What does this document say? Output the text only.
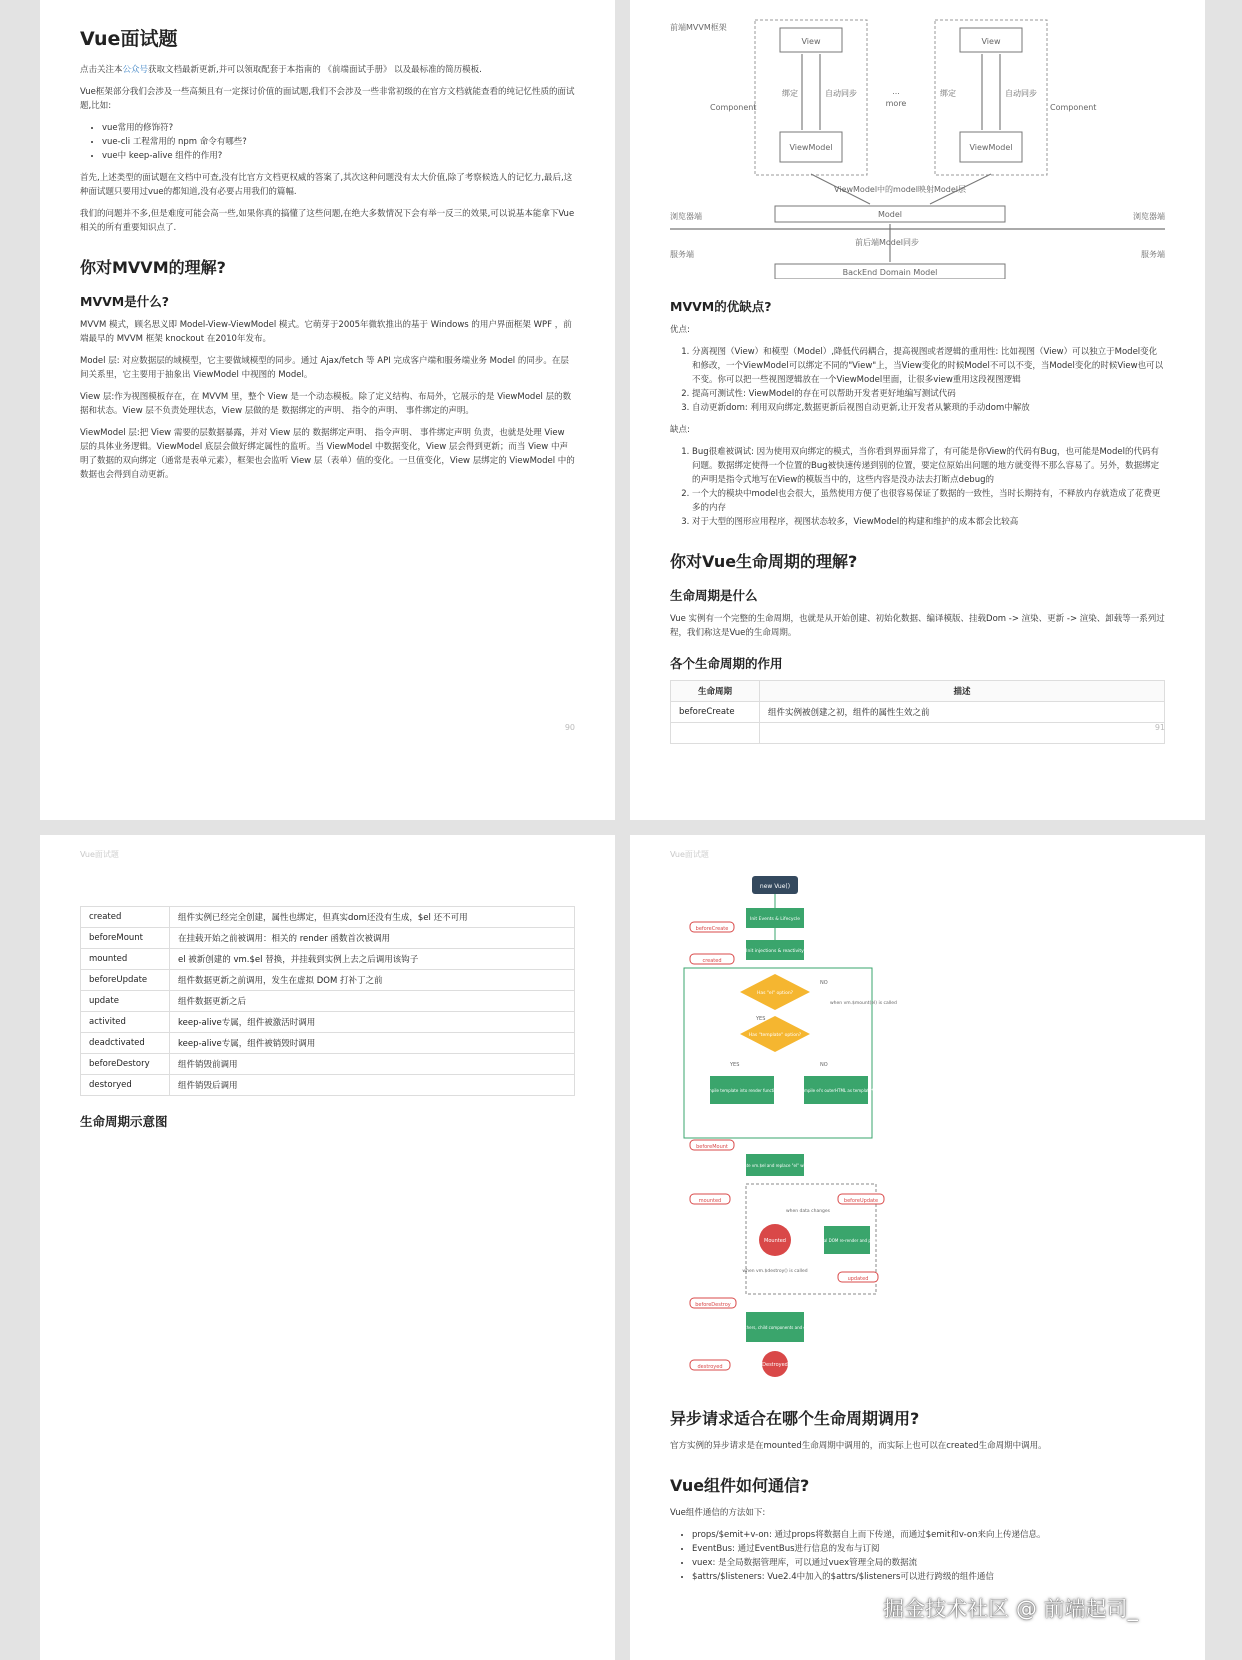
Vue面试题

点击关注本公众号获取文档最新更新,并可以领取配套于本指南的 《前端面试手册》 以及最标准的简历模板.

Vue框架部分我们会涉及一些高频且有一定探讨价值的面试题,我们不会涉及一些非常初级的在官方文档就能查看的纯记忆性质的面试题,比如:

• vue常用的修饰符?
• vue-cli 工程常用的 npm 命令有哪些?
• vue中 keep-alive 组件的作用?

首先,上述类型的面试题在文档中可查,没有比官方文档更权威的答案了,其次这种问题没有太大价值,除了考察候选人的记忆力,最后,这种面试题只要用过vue的都知道,没有必要占用我们的篇幅.

我们的问题并不多,但是难度可能会高一些,如果你真的搞懂了这些问题,在绝大多数情况下会有举一反三的效果,可以说基本能拿下Vue相关的所有重要知识点了.

你对MVVM的理解?
MVVM是什么?

MVVM 模式，顾名思义即 Model-View-ViewModel 模式。它萌芽于2005年微软推出的基于 Windows 的用户界面框架 WPF ，前端最早的 MVVM 框架 knockout 在2010年发布。

Model 层: 对应数据层的域模型，它主要做域模型的同步。通过 Ajax/fetch 等 API 完成客户端和服务端业务 Model 的同步。在层间关系里，它主要用于抽象出 ViewModel 中视图的 Model。

View 层:作为视图模板存在，在 MVVM 里，整个 View 是一个动态模板。除了定义结构、布局外，它展示的是 ViewModel 层的数据和状态。View 层不负责处理状态，View 层做的是 数据绑定的声明、 指令的声明、 事件绑定的声明。

ViewModel 层:把 View 需要的层数据暴露，并对 View 层的 数据绑定声明、 指令声明、 事件绑定声明 负责，也就是处理 View 层的具体业务逻辑。ViewModel 底层会做好绑定属性的监听。当 ViewModel 中数据变化，View 层会得到更新；而当 View 中声明了数据的双向绑定（通常是表单元素），框架也会监听 View 层（表单）值的变化。一旦值变化，View 层绑定的 ViewModel 中的数据也会得到自动更新。

90
前端MVVM框架
View
ViewModel
绑定	自动同步
Component
View
ViewModel
绑定	自动同步
Component
...
more
ViewModel中的model映射Model层
Model
浏览器端	浏览器端
服务端	服务端
前后端Model同步
BackEnd Domain Model
MVVM的优缺点?

优点:

1. 分离视图（View）和模型（Model）,降低代码耦合，提高视图或者逻辑的重用性: 比如视图（View）可以独立于Model变化和修改，一个ViewModel可以绑定不同的"View"上，当View变化的时候Model不可以不变，当Model变化的时候View也可以不变。你可以把一些视图逻辑放在一个ViewModel里面，让很多view重用这段视图逻辑
2. 提高可测试性: ViewModel的存在可以帮助开发者更好地编写测试代码
3. 自动更新dom: 利用双向绑定,数据更新后视图自动更新,让开发者从繁琐的手动dom中解放

缺点:

1. Bug很难被调试: 因为使用双向绑定的模式，当你看到界面异常了，有可能是你View的代码有Bug，也可能是Model的代码有问题。数据绑定使得一个位置的Bug被快速传递到别的位置，要定位原始出问题的地方就变得不那么容易了。另外，数据绑定的声明是指令式地写在View的模版当中的，这些内容是没办法去打断点debug的
2. 一个大的模块中model也会很大，虽然使用方便了也很容易保证了数据的一致性，当时长期持有，不释放内存就造成了花费更多的内存
3. 对于大型的图形应用程序，视图状态较多，ViewModel的构建和维护的成本都会比较高
你对Vue生命周期的理解?
生命周期是什么

Vue 实例有一个完整的生命周期，也就是从开始创建、初始化数据、编译模版、挂载Dom -> 渲染、更新 -> 渲染、卸载等一系列过程，我们称这是Vue的生命周期。

各个生命周期的作用
生命周期	描述
beforeCreate	组件实例被创建之初，组件的属性生效之前

91
Vue面试题
created	组件实例已经完全创建，属性也绑定，但真实dom还没有生成，$el 还不可用
beforeMount	在挂载开始之前被调用：相关的 render 函数首次被调用
mounted	el 被新创建的 vm.$el 替换，并挂载到实例上去之后调用该钩子
beforeUpdate	组件数据更新之前调用，发生在虚拟 DOM 打补丁之前
update	组件数据更新之后
activited	keep-alive专属，组件被激活时调用
deadctivated	keep-alive专属，组件被销毁时调用
beforeDestory	组件销毁前调用
destoryed	组件销毁后调用
生命周期示意图
Vue面试题
new Vue()
Init Events & Lifecycle
beforeCreate
Init injections & reactivity
created
Has "el" option?
NO
when vm.$mount(el) is called
YES
Has "template" option?
YES	NO
Compile template into render function*	Compile el's outerHTML as template*
beforeMount
Create vm.$el and replace "el" with it
mounted	beforeUpdate
when data changes
Mounted	Virtual DOM re-render and patch
updated
when vm.$destroy() is called
beforeDestroy
Teardown watchers, child components and event listeners
Destroyed
destroyed
异步请求适合在哪个生命周期调用?

官方实例的异步请求是在mounted生命周期中调用的，而实际上也可以在created生命周期中调用。

Vue组件如何通信?

Vue组件通信的方法如下:

• props/$emit+v-on: 通过props将数据自上而下传递，而通过$emit和v-on来向上传递信息。
• EventBus: 通过EventBus进行信息的发布与订阅
• vuex: 是全局数据管理库，可以通过vuex管理全局的数据流
• $attrs/$listeners: Vue2.4中加入的$attrs/$listeners可以进行跨级的组件通信
掘金技术社区 @ 前端起司_
